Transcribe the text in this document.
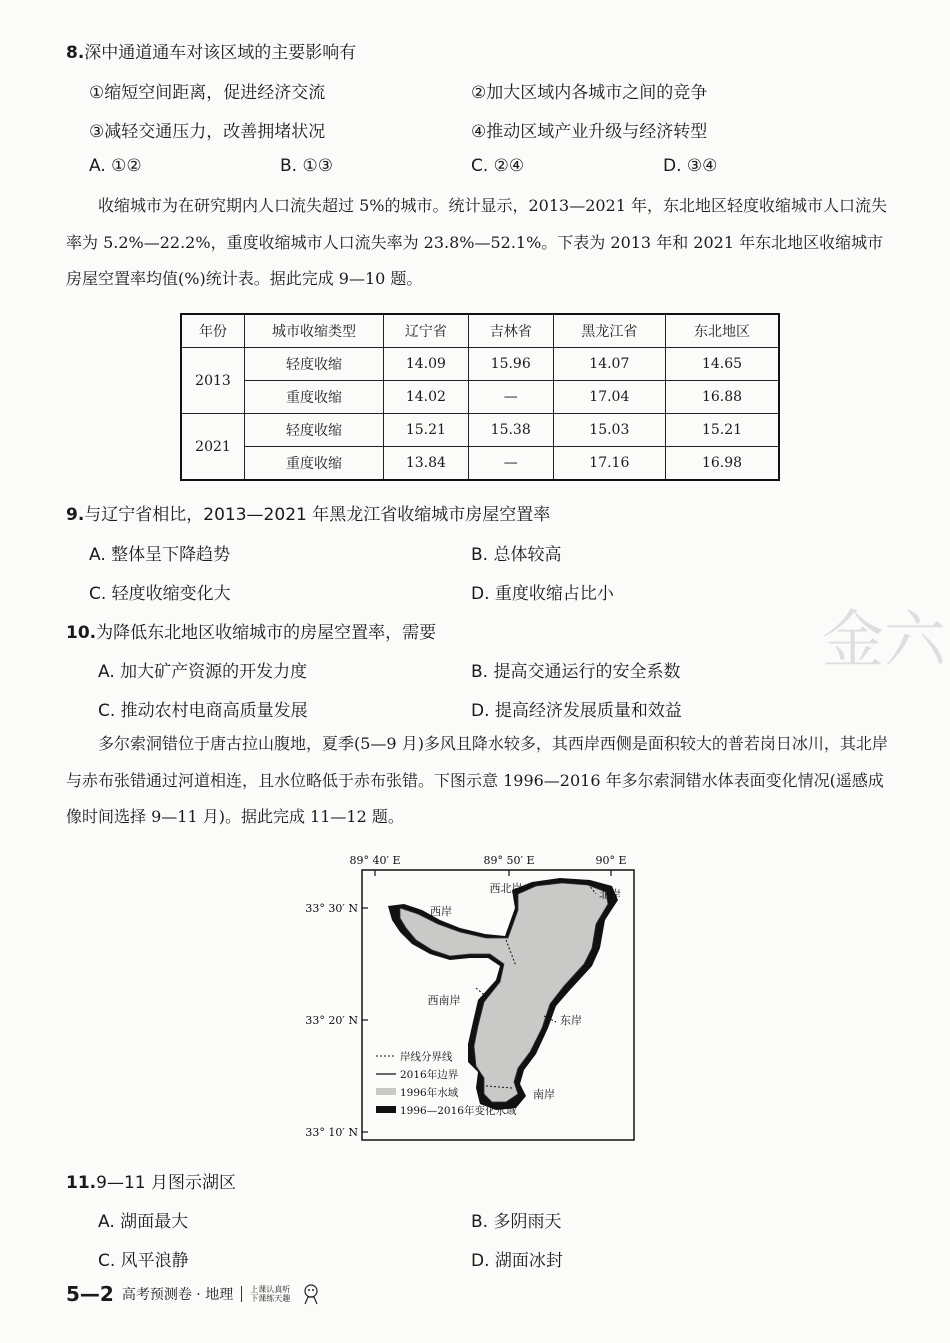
8.深中通道通车对该区域的主要影响有
①缩短空间距离，促进经济交流	②加大区域内各城市之间的竞争
③减轻交通压力，改善拥堵状况	④推动区域产业升级与经济转型
A. ①②	B. ①③	C. ②④	D. ③④

收缩城市为在研究期内人口流失超过 5%的城市。统计显示，2013—2021 年，东北地区轻度收缩城市人口流失率为 5.2%—22.2%，重度收缩城市人口流失率为 23.8%—52.1%。下表为 2013 年和 2021 年东北地区收缩城市房屋空置率均值(%)统计表。据此完成 9—10 题。

年份	城市收缩类型	辽宁省	吉林省	黑龙江省	东北地区
2013	轻度收缩	14.09	15.96	14.07	14.65
	重度收缩	14.02	—	17.04	16.88
2021	轻度收缩	15.21	15.38	15.03	15.21
	重度收缩	13.84	—	17.16	16.98
9.与辽宁省相比，2013—2021 年黑龙江省收缩城市房屋空置率
A. 整体呈下降趋势	B. 总体较高
C. 轻度收缩变化大	D. 重度收缩占比小
10.为降低东北地区收缩城市的房屋空置率，需要
A. 加大矿产资源的开发力度	B. 提高交通运行的安全系数
C. 推动农村电商高质量发展	D. 提高经济发展质量和效益
金六

多尔索洞错位于唐古拉山腹地，夏季(5—9 月)多风且降水较多，其西岸西侧是面积较大的普若岗日冰川，其北岸与赤布张错通过河道相连，且水位略低于赤布张错。下图示意 1996—2016 年多尔索洞错水体表面变化情况(遥感成像时间选择 9—11 月)。据此完成 11—12 题。

89° 40′ E	89° 50′ E	90° E
33° 30′ N
33° 20′ N
33° 10′ N
西北岸	北岸
西岸
西南岸
东岸
南岸
岸线分界线
2016年边界
1996年水域
1996—2016年变化水域
11.9—11 月图示湖区
A. 湖面最大	B. 多阴雨天
C. 风平浪静	D. 湖面冰封
5—2 高考预测卷 · 地理 上课认真听
下课练天趣
